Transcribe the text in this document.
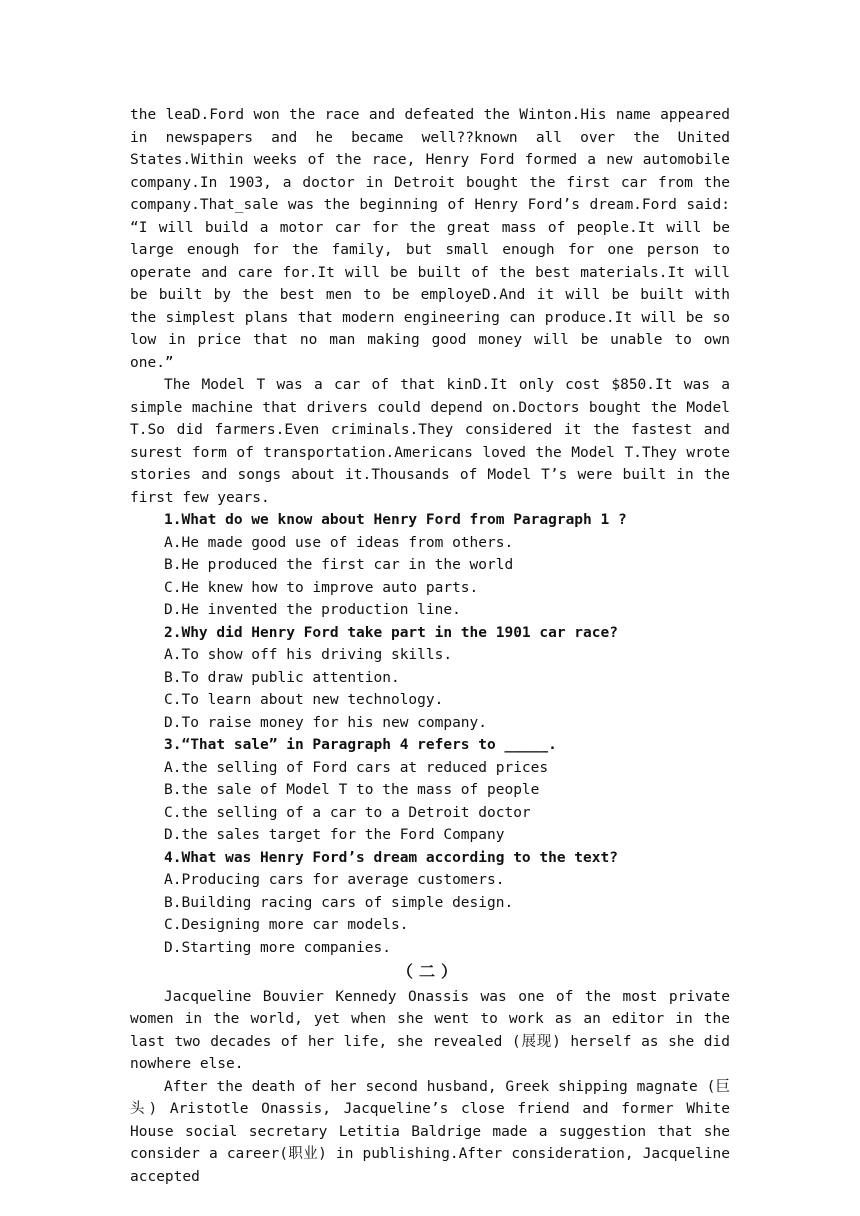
the leaD.Ford won the race and defeated the Winton.His name appeared in newspapers and he became well??known all over the United States.Within weeks of the race, Henry Ford formed a new automobile company.In 1903, a doctor in Detroit bought the first car from the company.That_sale was the beginning of Henry Ford’s dream.Ford said: “I will build a motor car for the great mass of people.It will be large enough for the family, but small enough for one person to operate and care for.It will be built of the best materials.It will be built by the best men to be employeD.And it will be built with the simplest plans that modern engineering can produce.It will be so low in price that no man making good money will be unable to own one.”

The Model T was a car of that kinD.It only cost $850.It was a simple machine that drivers could depend on.Doctors bought the Model T.So did farmers.Even criminals.They considered it the fastest and surest form of transportation.Americans loved the Model T.They wrote stories and songs about it.Thousands of Model T’s were built in the first few years.

1.What do we know about Henry Ford from Paragraph 1 ?

A.He made good use of ideas from others.

B.He produced the first car in the world

C.He knew how to improve auto parts.

D.He invented the production line.

2.Why did Henry Ford take part in the 1901 car race?

A.To show off his driving skills.

B.To draw public attention.

C.To learn about new technology.

D.To raise money for his new company.

3.“That sale” in Paragraph 4 refers to _____.

A.the selling of Ford cars at reduced prices

B.the sale of Model T to the mass of people

C.the selling of a car to a Detroit doctor

D.the sales target for the Ford Company

4.What was Henry Ford’s dream according to the text?

A.Producing cars for average customers.

B.Building racing cars of simple design.

C.Designing more car models.

D.Starting more companies.

（二）

Jacqueline Bouvier Kennedy Onassis was one of the most private women in the world, yet when she went to work as an editor in the last two decades of her life, she revealed (展现) herself as she did nowhere else.

After the death of her second husband, Greek shipping magnate (巨头) Aristotle Onassis, Jacqueline’s close friend and former White House social secretary Letitia Baldrige made a suggestion that she consider a career(职业) in publishing.After consideration, Jacqueline accepted
